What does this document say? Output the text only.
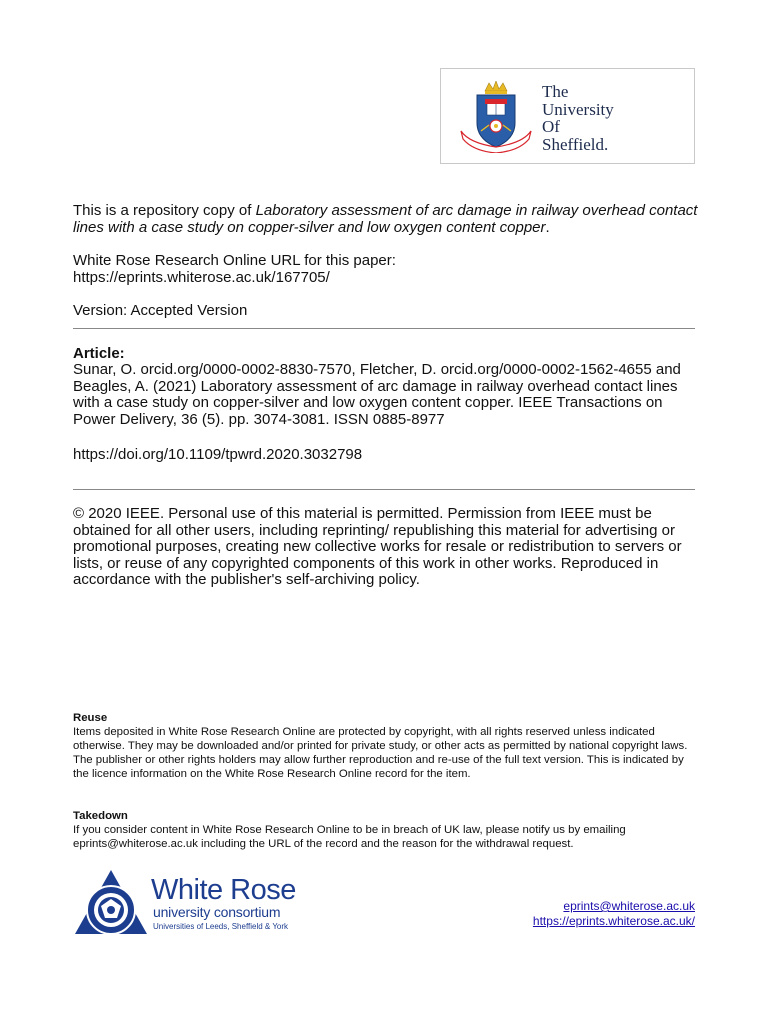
The
University
Of
Sheffield.
This is a repository copy of Laboratory assessment of arc damage in railway overhead contact lines with a case study on copper-silver and low oxygen content copper.
White Rose Research Online URL for this paper:
https://eprints.whiterose.ac.uk/167705/
Version: Accepted Version
Article:
Sunar, O. orcid.org/0000-0002-8830-7570, Fletcher, D. orcid.org/0000-0002-1562-4655 and Beagles, A. (2021) Laboratory assessment of arc damage in railway overhead contact lines with a case study on copper-silver and low oxygen content copper. IEEE Transactions on Power Delivery, 36 (5). pp. 3074-3081. ISSN 0885-8977
https://doi.org/10.1109/tpwrd.2020.3032798
© 2020 IEEE. Personal use of this material is permitted. Permission from IEEE must be obtained for all other users, including reprinting/ republishing this material for advertising or promotional purposes, creating new collective works for resale or redistribution to servers or lists, or reuse of any copyrighted components of this work in other works. Reproduced in accordance with the publisher's self-archiving policy.
Reuse
Items deposited in White Rose Research Online are protected by copyright, with all rights reserved unless indicated otherwise. They may be downloaded and/or printed for private study, or other acts as permitted by national copyright laws. The publisher or other rights holders may allow further reproduction and re-use of the full text version. This is indicated by the licence information on the White Rose Research Online record for the item.
Takedown
If you consider content in White Rose Research Online to be in breach of UK law, please notify us by emailing eprints@whiterose.ac.uk including the URL of the record and the reason for the withdrawal request.
White Rose
university consortium
Universities of Leeds, Sheffield & York
eprints@whiterose.ac.uk
https://eprints.whiterose.ac.uk/
